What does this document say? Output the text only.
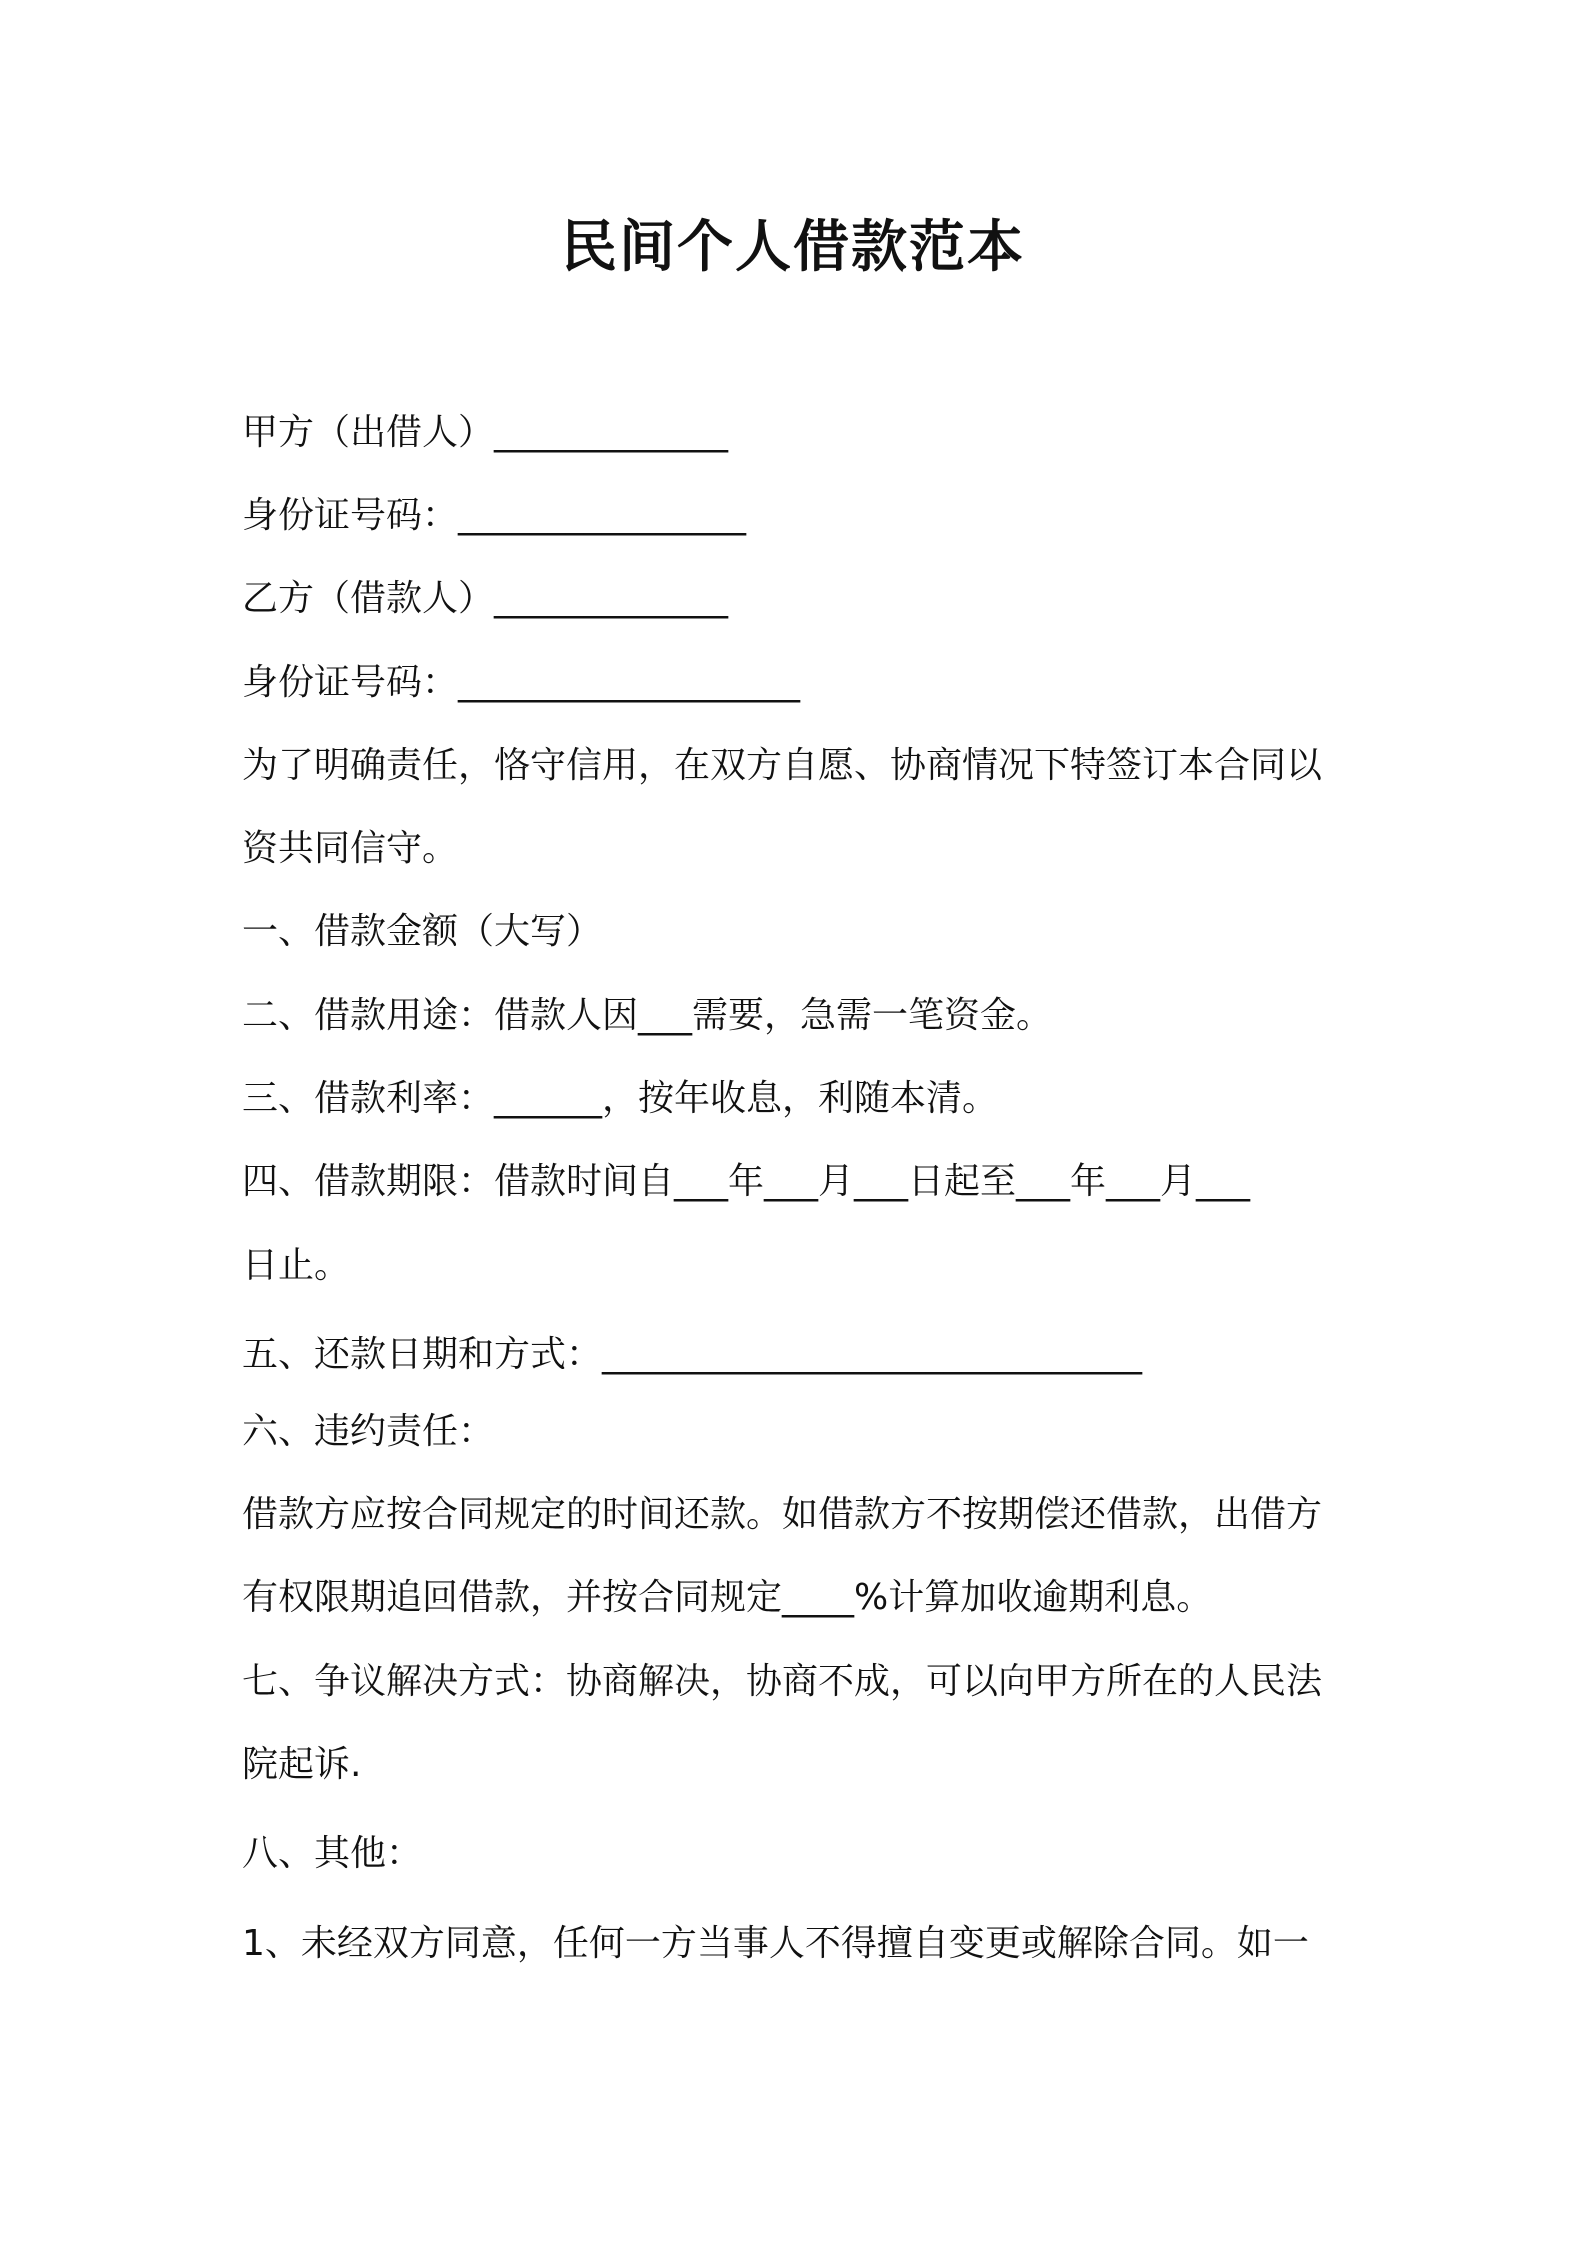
民间个人借款范本

甲方（出借人）_____________

身份证号码：________________

乙方（借款人）_____________

身份证号码：___________________

为了明确责任，恪守信用，在双方自愿、协商情况下特签订本合同以

资共同信守。

一、借款金额（大写）

二、借款用途：借款人因___需要，急需一笔资金。

三、借款利率：______，按年收息，利随本清。

四、借款期限：借款时间自___年___月___日起至___年___月___

日止。

五、还款日期和方式：______________________________

六、违约责任：

借款方应按合同规定的时间还款。如借款方不按期偿还借款，出借方

有权限期追回借款，并按合同规定____%计算加收逾期利息。

七、争议解决方式：协商解决，协商不成，可以向甲方所在的人民法

院起诉.

八、其他：

1、未经双方同意，任何一方当事人不得擅自变更或解除合同。如一
